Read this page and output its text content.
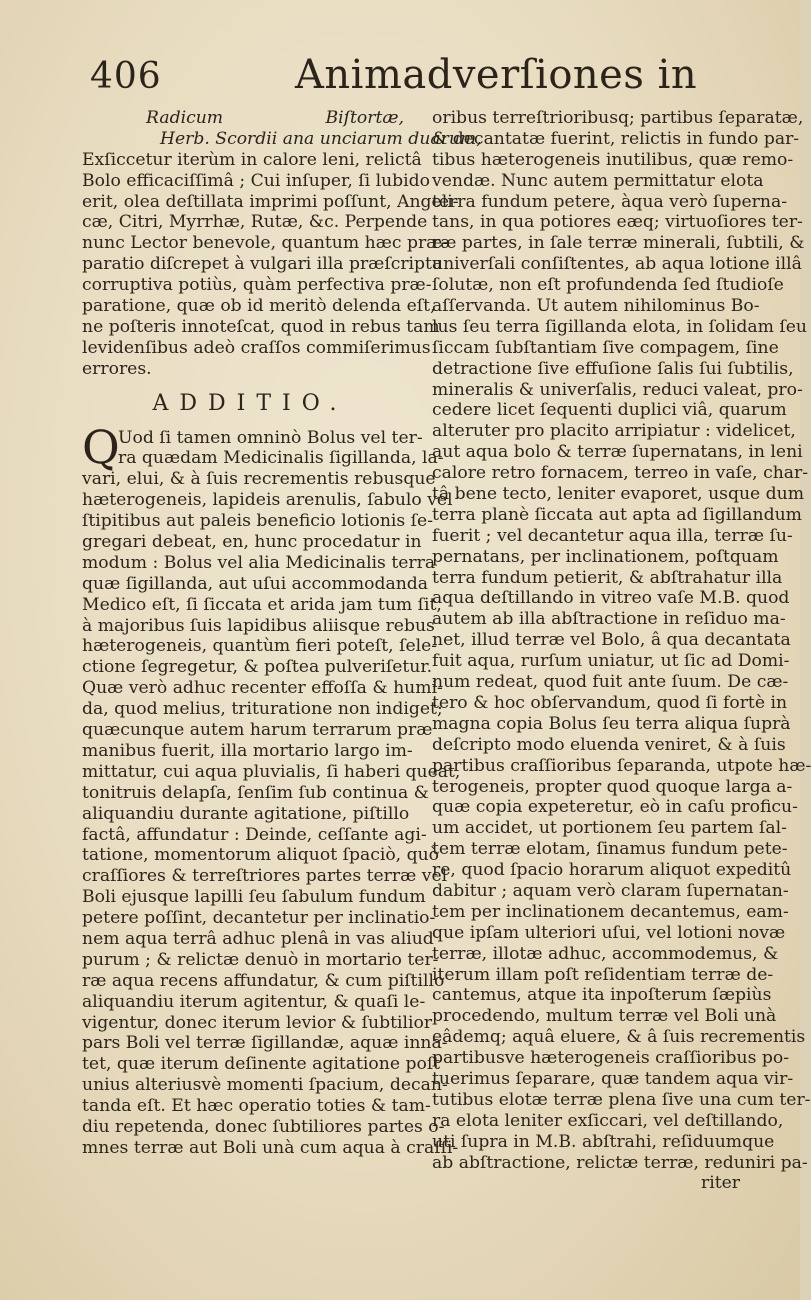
406	Animadverſiones in
Radicum Biſtortæ,
Herb. Scordii ana unciarum duarum,
Exſiccetur iterùm in calore leni, relictâ
Bolo efficaciſſimâ ; Cui inſuper, ſi lubido
erit, olea deſtillata imprimi poſſunt, Angeli-
cæ, Citri, Myrrhæ, Rutæ, &c. Perpende
nunc Lector benevole, quantum hæc præ-
paratio diſcrepet à vulgari illa præſcripta
corruptiva potiùs, quàm perfectiva præ-
paratione, quæ ob id meritò delenda eſt,
ne poſteris innoteſcat, quod in rebus tam
levidenſibus adeò craſſos commiſerimus
errores.
ADDITIO.
Q
Uod ſi tamen omninò Bolus vel ter-
ra quædam Medicinalis ſigillanda, la-
vari, elui, & à ſuis recrementis rebusque
hæterogeneis, lapideis arenulis, ſabulo vel
ſtipitibus aut paleis beneficio lotionis ſe-
gregari debeat, en, hunc procedatur in
modum : Bolus vel alia Medicinalis terra
quæ ſigillanda, aut uſui accommodanda
Medico eſt, ſi ſiccata et arida jam tum ſit,
à majoribus ſuis lapidibus aliisque rebus
hæterogeneis, quantùm fieri poteſt, ſele-
ctione ſegregetur, & poſtea pulveriſetur.
Quæ verò adhuc recenter effoſſa & humi-
da, quod melius, trituratione non indiget;
quæcunque autem harum terrarum præ
manibus fuerit, illa mortario largo im-
mittatur, cui aqua pluvialis, ſi haberi queat,
tonitruis delapſa, ſenſim ſub continua &
aliquandiu durante agitatione, piſtillo
factâ, affundatur : Deinde, ceſſante agi-
tatione, momentorum aliquot ſpaciò, quò
craſſiores & terreſtriores partes terræ vel
Boli ejusque lapilli ſeu ſabulum fundum
petere poſſint, decantetur per inclinatio-
nem aqua terrâ adhuc plenâ in vas aliud
purum ; & relictæ denuò in mortario ter-
ræ aqua recens affundatur, & cum piſtillo
aliquandiu iterum agitentur, & quaſi le-
vigentur, donec iterum levior & ſubtilior
pars Boli vel terræ ſigillandæ, aquæ inna-
tet, quæ iterum deſinente agitatione poſt
unius alteriusvè momenti ſpacium, decan-
tanda eſt. Et hæc operatio toties & tam-
diu repetenda, donec ſubtiliores partes o-
mnes terræ aut Boli unà cum aqua à craſſi-
oribus terreſtrioribusq; partibus ſeparatæ,
& decantatæ fuerint, relictis in fundo par-
tibus hæterogeneis inutilibus, quæ remo-
vendæ. Nunc autem permittatur elota
terra fundum petere, àqua verò ſuperna-
tans, in qua potiores eæq; virtuoſiores ter-
ræ partes, in ſale terræ minerali, ſubtili, &
univerſali conſiſtentes, ab aqua lotione illâ
ſolutæ, non eſt profundenda ſed ſtudioſe
aſſervanda. Ut autem nihilominus Bo-
lus ſeu terra ſigillanda elota, in ſolidam ſeu
ſiccam ſubſtantiam ſive compagem, ſine
detractione ſive effuſione ſalis ſui ſubtilis,
mineralis & univerſalis, reduci valeat, pro-
cedere licet ſequenti duplici viâ, quarum
alteruter pro placito arripiatur : videlicet,
aut aqua bolo & terræ ſupernatans, in leni
calore retro fornacem, terreo in vaſe, char-
tâ bene tecto, leniter evaporet, usque dum
terra planè ſiccata aut apta ad ſigillandum
fuerit ; vel decantetur aqua illa, terræ ſu-
pernatans, per inclinationem, poſtquam
terra fundum petierit, & abſtrahatur illa
aqua deſtillando in vitreo vaſe M.B. quod
autem ab illa abſtractione in reſiduo ma-
net, illud terræ vel Bolo, â qua decantata
fuit aqua, rurſum uniatur, ut ſic ad Domi-
num redeat, quod fuit ante ſuum. De cæ-
tero & hoc obſervandum, quod ſi fortè in
magna copia Bolus ſeu terra aliqua ſuprà
deſcripto modo eluenda veniret, & à ſuis
partibus craſſioribus ſeparanda, utpote hæ-
terogeneis, propter quod quoque larga a-
quæ copia expeteretur, eò in caſu proficu-
um accidet, ut portionem ſeu partem ſal-
tem terræ elotam, ſinamus fundum pete-
re, quod ſpacio horarum aliquot expeditû
dabitur ; aquam verò claram ſupernatan-
tem per inclinationem decantemus, eam-
que ipſam ulteriori uſui, vel lotioni novæ
terræ, illotæ adhuc, accommodemus, &
iterum illam poſt reſidentiam terræ de-
cantemus, atque ita inpoſterum ſæpiùs
procedendo, multum terræ vel Boli unà
eâdemq; aquâ eluere, & â ſuis recrementis
partibusve hæterogeneis craſſioribus po-
tuerimus ſeparare, quæ tandem aqua vir-
tutibus elotæ terræ plena ſive una cum ter-
ra elota leniter exſiccari, vel deſtillando,
uti ſupra in M.B. abſtrahi, reſiduumque
ab abſtractione, relictæ terræ, reduniri pa-
riter
